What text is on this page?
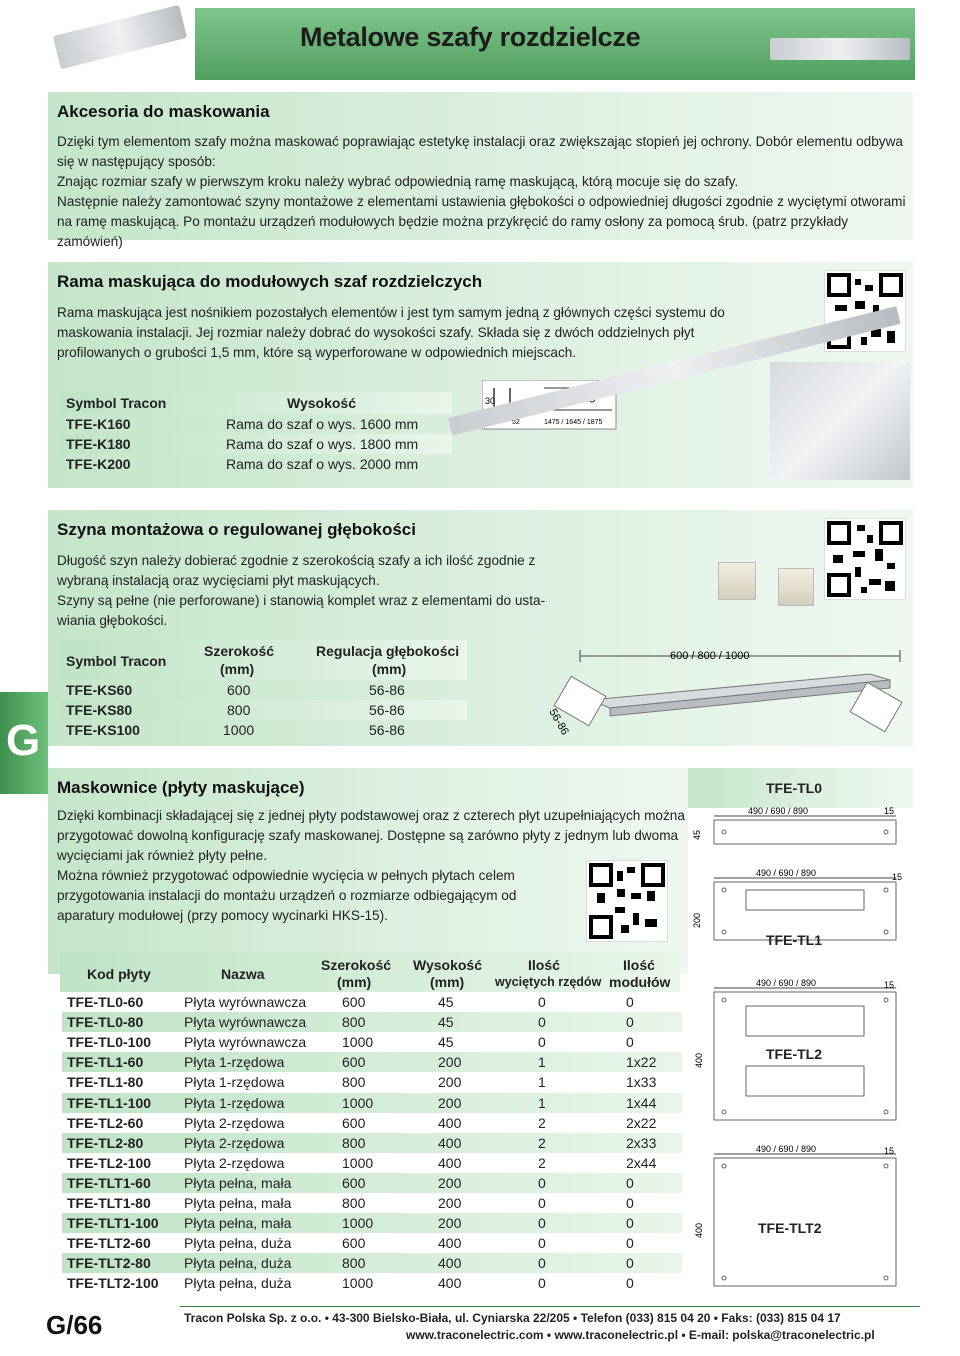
Metalowe szafy rozdzielcze
Akcesoria do maskowania
Dzięki tym elementom szafy można maskować poprawiając estetykę instalacji oraz zwiększając stopień jej ochrony. Dobór elementu odbywa
się w następujący sposób:
Znając rozmiar szafy w pierwszym kroku należy wybrać odpowiednią ramę maskującą, którą mocuje się do szafy.
Następnie należy zamontować szyny montażowe z elementami ustawienia głębokości o odpowiedniej długości zgodnie z wyciętymi otworami
na ramę maskującą. Po montażu urządzeń modułowych będzie można przykręcić do ramy osłony za pomocą śrub. (patrz przykłady zamówień)
Rama maskująca do modułowych szaf rozdzielczych
Rama maskująca jest nośnikiem pozostałych elementów i jest tym samym jedną z głównych części systemu do
maskowania instalacji. Jej rozmiar należy dobrać do wysokości szafy. Składa się z dwóch oddzielnych płyt
profilowanych o grubości 1,5 mm, które są wyperforowane w odpowiednich miejscach.
Symbol Tracon	Wysokość
TFE-K160	Rama do szaf o wys. 1600 mm
TFE-K180	Rama do szaf o wys. 1800 mm
TFE-K200	Rama do szaf o wys. 2000 mm
30
52	1475 / 1645 / 1875
Szyna montażowa o regulowanej głębokości
Długość szyn należy dobierać zgodnie z szerokością szafy a ich ilość zgodnie z
wybraną instalacją oraz wycięciami płyt maskujących.
Szyny są pełne (nie perforowane) i stanowią komplet wraz z elementami do usta-
wiania głębokości.
Symbol Tracon
Szerokość
(mm)
Regulacja głębokości
(mm)
TFE-KS60	600	56-86
TFE-KS80	800	56-86
TFE-KS100	1000	56-86
600 / 800 / 1000
56-86
G
Maskownice (płyty maskujące)
Dzięki kombinacji składającej się z jednej płyty podstawowej oraz z czterech płyt uzupełniających można
przygotować dowolną konfigurację szafy maskowanej. Dostępne są zarówno płyty z jednym lub dwoma
wycięciami jak również płyty pełne.
Można również przygotować odpowiednie wycięcia w pełnych płytach celem
przygotowania instalacji do montażu urządzeń o rozmiarze odbiegającym od
aparatury modułowej (przy pomocy wycinarki HKS-15).
Kod płyty	Nazwa
Szerokość
(mm)
Wysokość
(mm)
Ilość
wyciętych rzędów
Ilość
modułów
TFE-TL0-60	Płyta wyrównawcza	600	45	0	0
TFE-TL0-80	Płyta wyrównawcza	800	45	0	0
TFE-TL0-100 Płyta wyrównawcza	1000	45	0	0
TFE-TL1-60	Płyta 1-rzędowa	600	200	1	1x22
TFE-TL1-80	Płyta 1-rzędowa	800	200	1	1x33
TFE-TL1-100 Płyta 1-rzędowa	1000	200	1	1x44
TFE-TL2-60	Płyta 2-rzędowa	600	400	2	2x22
TFE-TL2-80	Płyta 2-rzędowa	800	400	2	2x33
TFE-TL2-100 Płyta 2-rzędowa	1000	400	2	2x44
TFE-TLT1-60 Płyta pełna, mała	600	200	0	0
TFE-TLT1-80 Płyta pełna, mała	800	200	0	0
TFE-TLT1-100 Płyta pełna, mała	1000	200	0	0
TFE-TLT2-60 Płyta pełna, duża	600	400	0	0
TFE-TLT2-80 Płyta pełna, duża	800	400	0	0
TFE-TLT2-100 Płyta pełna, duża	1000	400	0	0
TFE-TL0
490 / 690 / 890	15
45
490 / 690 / 890	15
200
TFE-TL1
490 / 690 / 890	15
400	TFE-TL2
490 / 690 / 890	15
400	TFE-TLT2
G/66	Tracon Polska Sp. z o.o. • 43-300 Bielsko-Biała, ul. Cyniarska 22/205 • Telefon (033) 815 04 20 • Faks: (033) 815 04 17
www.traconelectric.com • www.traconelectric.pl • E-mail: polska@traconelectric.pl
